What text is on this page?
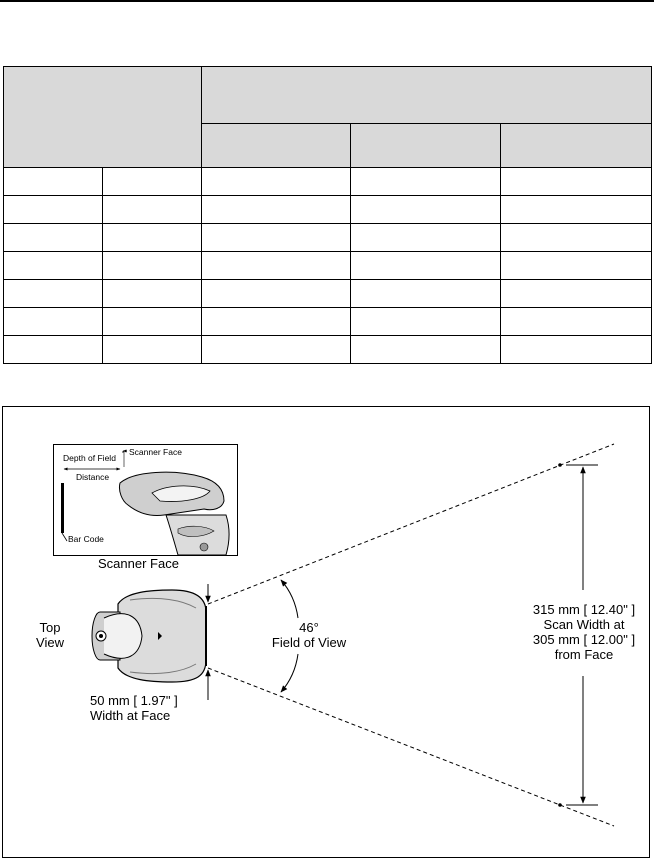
Depth of Field
Scanner Face
Distance
Bar Code
Scanner Face
Top
View
46°
Field of View
50 mm [ 1.97" ]
Width at Face
315 mm [ 12.40" ]
Scan Width at
305 mm [ 12.00" ]
from Face
